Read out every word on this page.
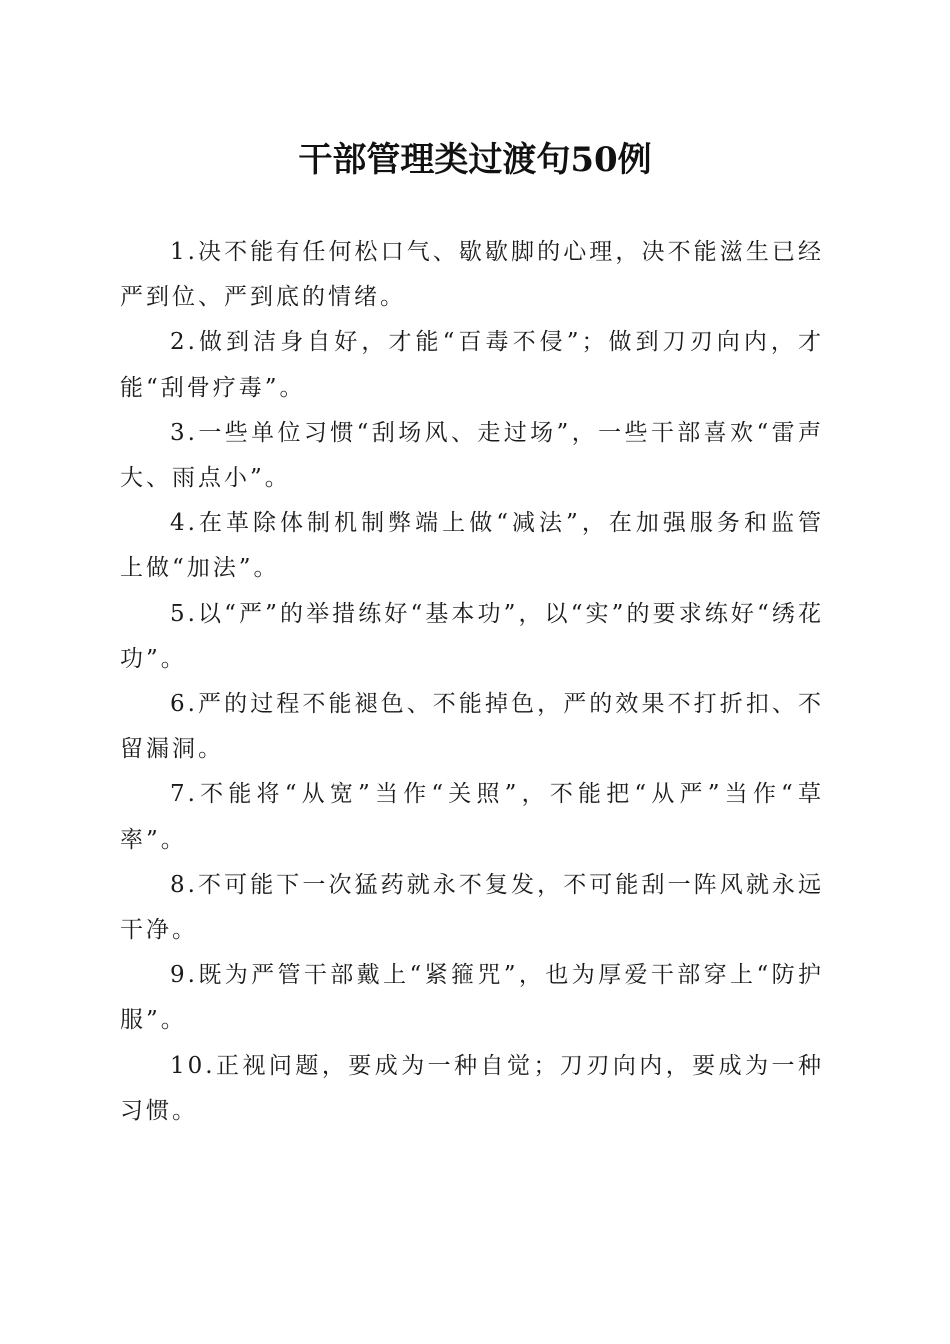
干部管理类过渡句50例

1.决不能有任何松口气、歇歇脚的心理，决不能滋生已经严到位、严到底的情绪。

2.做到洁身自好，才能“百毒不侵”；做到刀刃向内，才能“刮骨疗毒”。

3.一些单位习惯“刮场风、走过场”，一些干部喜欢“雷声大、雨点小”。

4.在革除体制机制弊端上做“减法”，在加强服务和监管上做“加法”。

5.以“严”的举措练好“基本功”，以“实”的要求练好“绣花功”。

6.严的过程不能褪色、不能掉色，严的效果不打折扣、不留漏洞。

7.不能将“从宽”当作“关照”，不能把“从严”当作“草率”。

8.不可能下一次猛药就永不复发，不可能刮一阵风就永远干净。

9.既为严管干部戴上“紧箍咒”，也为厚爱干部穿上“防护服”。

10.正视问题，要成为一种自觉；刀刃向内，要成为一种习惯。
